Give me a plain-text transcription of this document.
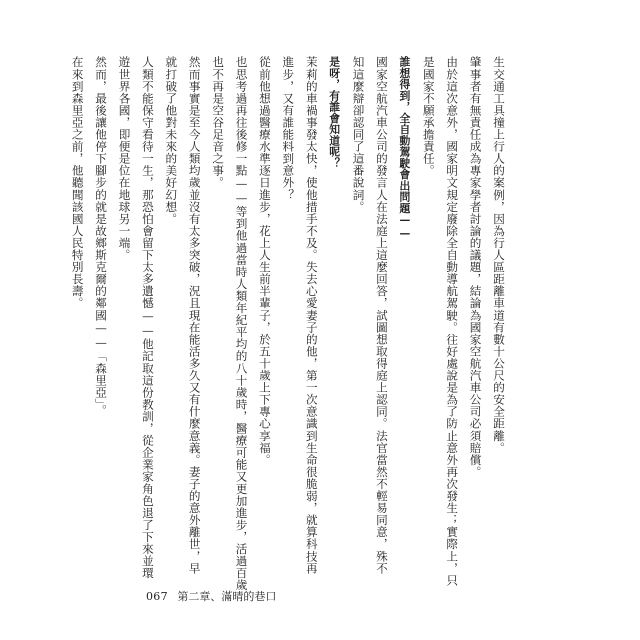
生交通工具撞上行人的案例，因為行人區距離車道有數十公尺的安全距離。
肇事者有無責任成為專家學者討論的議題，結論為國家空航汽車公司必須賠償。
由於這次意外，國家明文規定廢除全自動導航駕駛。往好處說是為了防止意外再次發生；實際上，只
是國家不願承擔責任。
誰想得到，全自動駕駛會出問題——
國家空航汽車公司的發言人在法庭上這麼回答，試圖想取得庭上認同。法官當然不輕易同意，殊不
知這麼辯卻認同了這番說詞。
是呀，有誰會知道呢？
茉莉的車禍事發太快，使他措手不及。失去心愛妻子的他，第一次意識到生命很脆弱，就算科技再
進步，又有誰能料到意外？
從前他想過醫療水準逐日進步，花上人生前半輩子，於五十歲上下專心享福。
也思考過再往後修一點——等到他過當時人類年紀平均的八十歲時，醫療可能又更加進步，活過百歲
也不再是空谷足音之事。
然而事實是至今人類均歲並沒有太多突破，況且現在能活多久又有什麼意義。妻子的意外離世，早
就打破了他對未來的美好幻想。
人類不能保守看待一生，那恐怕會留下太多遺憾——他記取這份教訓，從企業家角色退了下來並環
遊世界各國，即便是位在地球另一端。
然而，最後讓他停下腳步的就是故鄉斯克爾的鄰國——「森里亞」。
在來到森里亞之前，他聽聞該國人民特別長壽。
067 第二章、滿晴的巷口
